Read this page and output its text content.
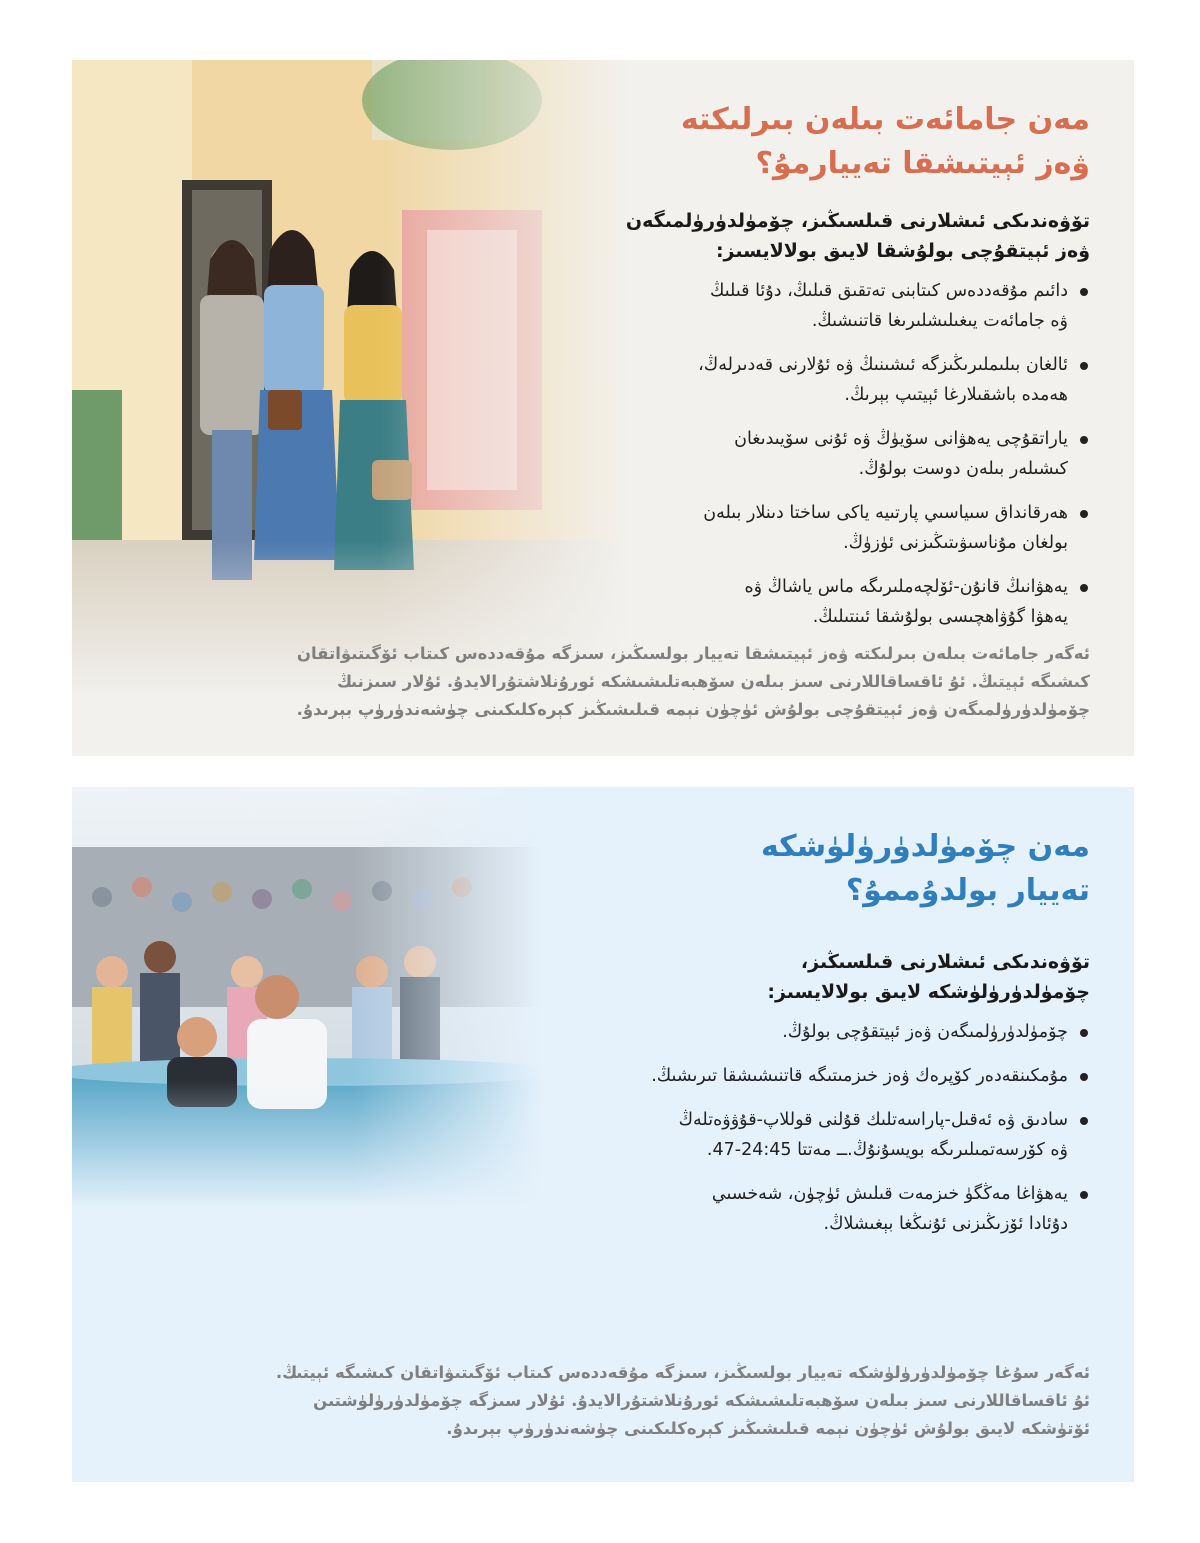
مەن جامائەت بىلەن بىرلىكتە
ۋەز ئېيتىشقا تەييارمۇ؟

تۆۋەندىكى ئىشلارنى قىلسىڭىز، چۆمۈلدۈرۈلمىگەن
ۋەز ئېيتقۇچى بولۇشقا لايىق بولالايسىز:

دائىم مۇقەددەس كىتابنى تەتقىق قىلىڭ، دۇئا قىلىڭ
ۋە جامائەت يىغىلىشلىرىغا قاتنىشىڭ.
ئالغان بىلىملىرىڭىزگە ئىشىنىڭ ۋە ئۇلارنى قەدىرلەڭ،
ھەمدە باشقىلارغا ئېيتىپ بېرىڭ.
ياراتقۇچى يەھۋانى سۆيۈڭ ۋە ئۇنى سۆيىدىغان
كىشىلەر بىلەن دوست بولۇڭ.
ھەرقانداق سىياسىي پارتىيە ياكى ساختا دىنلار بىلەن
بولغان مۇناسىۋىتىڭىزنى ئۈزۈڭ.
يەھۋانىڭ قانۇن-ئۆلچەملىرىگە ماس ياشاڭ ۋە
يەھۋا گۇۋاھچىسى بولۇشقا ئىنتىلىڭ.
ئەگەر جامائەت بىلەن بىرلىكتە ۋەز ئېيتىشقا تەييار بولسىڭىز، سىزگە مۇقەددەس كىتاب ئۆگىتىۋاتقان
كىشىگە ئېيتىڭ. ئۇ ئاقساقاللارنى سىز بىلەن سۆھبەتلىشىشكە ئورۇنلاشتۇرالايدۇ. ئۇلار سىزنىڭ
چۆمۈلدۈرۈلمىگەن ۋەز ئېيتقۇچى بولۇش ئۈچۈن نېمە قىلىشىڭىز كېرەكلىكىنى چۈشەندۈرۈپ بېرىدۇ.
مەن چۆمۈلدۈرۈلۈشكە
تەييار بولدۇممۇ؟

تۆۋەندىكى ئىشلارنى قىلسىڭىز،
چۆمۈلدۈرۈلۈشكە لايىق بولالايسىز:

چۆمۈلدۈرۈلمىگەن ۋەز ئېيتقۇچى بولۇڭ.
مۇمكىنقەدەر كۆپرەك ۋەز خىزمىتىگە قاتنىشىشقا تىرىشىڭ.
سادىق ۋە ئەقىل-پاراسەتلىك قۇلنى قوللاپ-قۇۋۋەتلەڭ
ۋە كۆرسەتمىلىرىگە بويسۇنۇڭ.ــ مەتتا 24:45-47.
يەھۋاغا مەڭگۈ خىزمەت قىلىش ئۈچۈن، شەخسىي
دۇئادا ئۆزىڭىزنى ئۇنىڭغا بېغىشلاڭ.
ئەگەر سۇغا چۆمۈلدۈرۈلۈشكە تەييار بولسىڭىز، سىزگە مۇقەددەس كىتاب ئۆگىتىۋاتقان كىشىگە ئېيتىڭ.
ئۇ ئاقساقاللارنى سىز بىلەن سۆھبەتلىشىشكە ئورۇنلاشتۇرالايدۇ. ئۇلار سىزگە چۆمۈلدۈرۈلۈشتىن
ئۆتۈشكە لايىق بولۇش ئۈچۈن نېمە قىلىشىڭىز كېرەكلىكىنى چۈشەندۈرۈپ بېرىدۇ.
